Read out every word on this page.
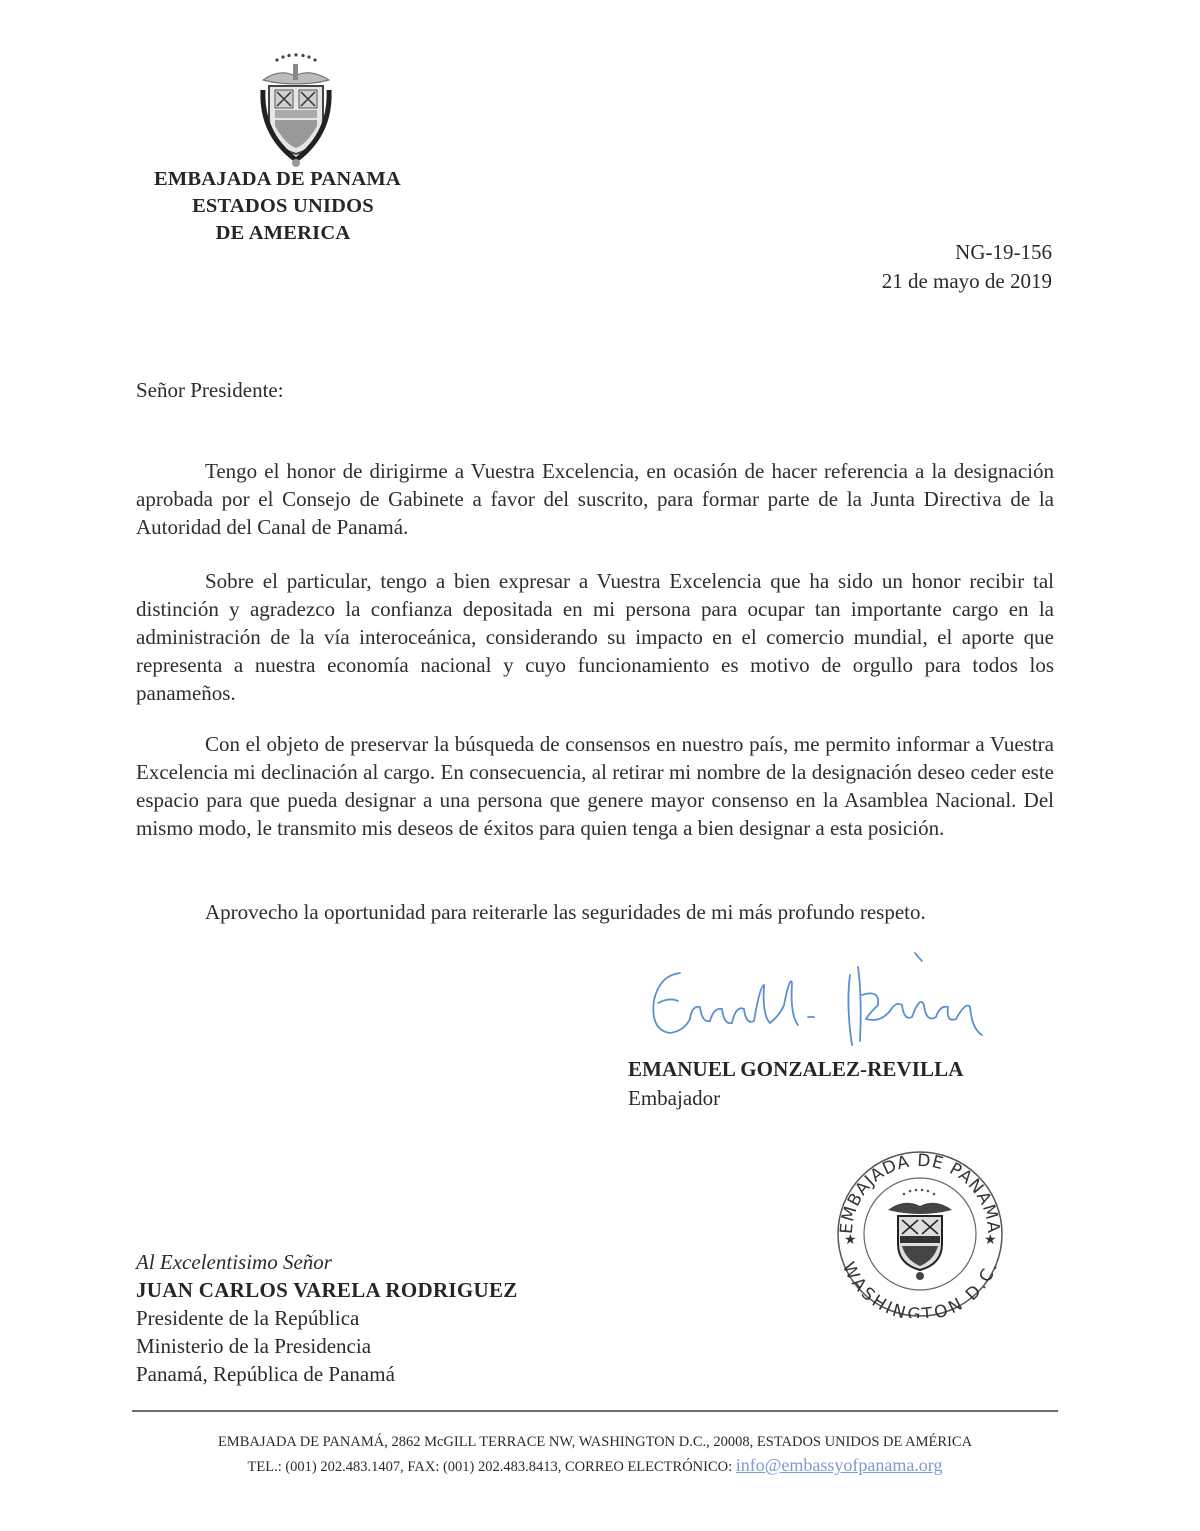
EMBAJADA DE PANAMA
ESTADOS UNIDOS
DE AMERICA
NG-19-156
21 de mayo de 2019
Señor Presidente:
Tengo el honor de dirigirme a Vuestra Excelencia, en ocasión de hacer referencia a la designación aprobada por el Consejo de Gabinete a favor del suscrito, para formar parte de la Junta Directiva de la Autoridad del Canal de Panamá.
Sobre el particular, tengo a bien expresar a Vuestra Excelencia que ha sido un honor recibir tal distinción y agradezco la confianza depositada en mi persona para ocupar tan importante cargo en la administración de la vía interoceánica, considerando su impacto en el comercio mundial, el aporte que representa a nuestra economía nacional y cuyo funcionamiento es motivo de orgullo para todos los panameños.
Con el objeto de preservar la búsqueda de consensos en nuestro país, me permito informar a Vuestra Excelencia mi declinación al cargo. En consecuencia, al retirar mi nombre de la designación deseo ceder este espacio para que pueda designar a una persona que genere mayor consenso en la Asamblea Nacional. Del mismo modo, le transmito mis deseos de éxitos para quien tenga a bien designar a esta posición.
Aprovecho la oportunidad para reiterarle las seguridades de mi más profundo respeto.
EMANUEL GONZALEZ-REVILLA
Embajador
EMBAJADA DE PANAMA
WASHINGTON D.C.
★	★
Al Excelentisimo Señor
JUAN CARLOS VARELA RODRIGUEZ
Presidente de la República
Ministerio de la Presidencia
Panamá, República de Panamá
EMBAJADA DE PANAMÁ, 2862 McGILL TERRACE NW, WASHINGTON D.C., 20008, ESTADOS UNIDOS DE AMÉRICA
TEL.: (001) 202.483.1407, FAX: (001) 202.483.8413, CORREO ELECTRÓNICO: info@embassyofpanama.org
